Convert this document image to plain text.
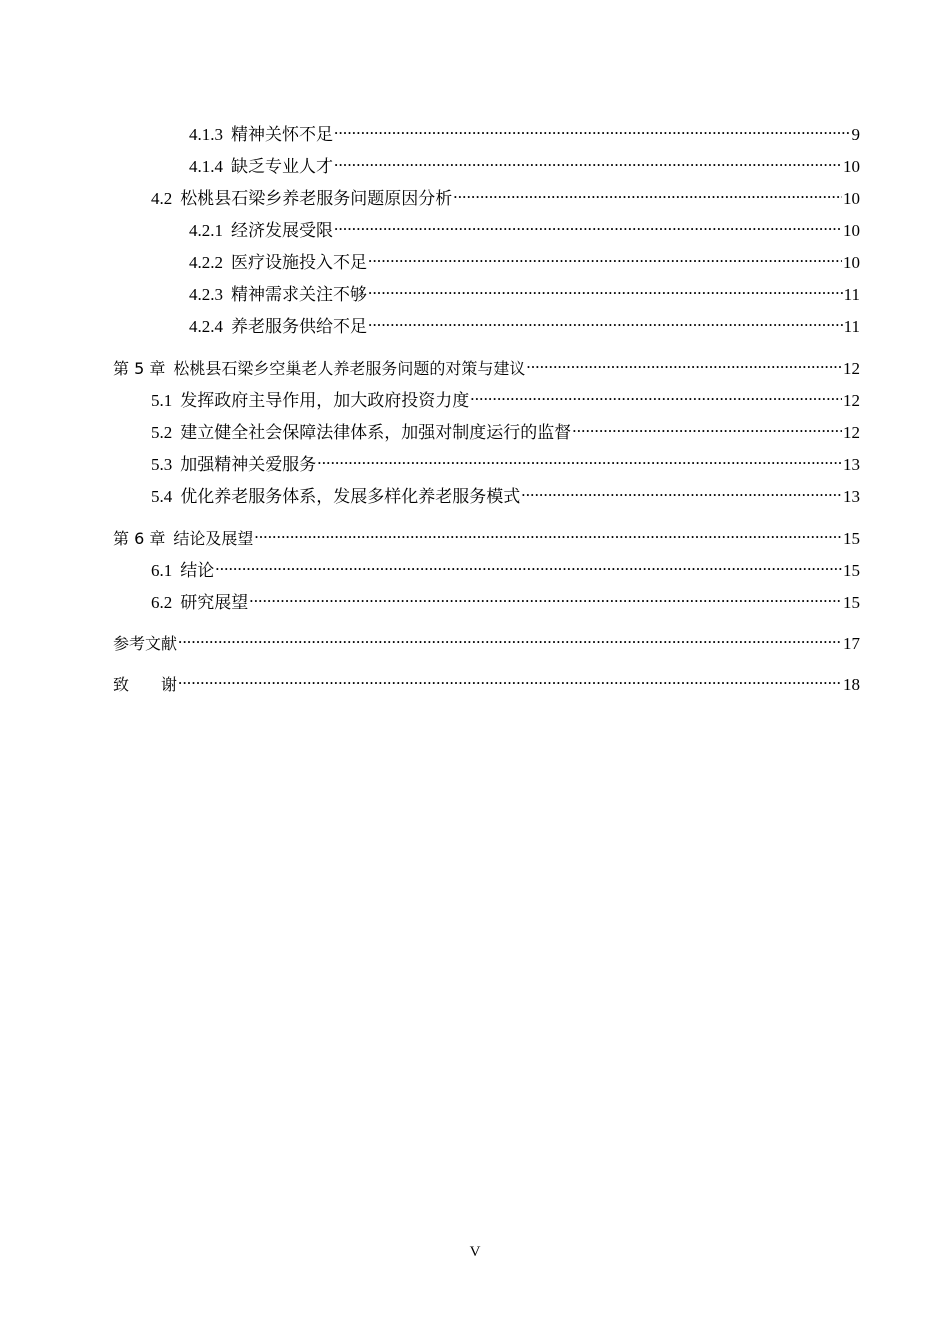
4.1.3 精神关怀不足 .....	9
4.1.4 缺乏专业人才 .....	10
4.2 松桃县石梁乡养老服务问题原因分析 .....	10
4.2.1 经济发展受限 .....	10
4.2.2 医疗设施投入不足 .....	10
4.2.3 精神需求关注不够 .....	11
4.2.4 养老服务供给不足 .....	11
第 5 章 松桃县石梁乡空巢老人养老服务问题的对策与建议 .....	12
5.1 发挥政府主导作用，加大政府投资力度 .....	12
5.2 建立健全社会保障法律体系，加强对制度运行的监督 .....	12
5.3 加强精神关爱服务 .....	13
5.4 优化养老服务体系，发展多样化养老服务模式 .....	13
第 6 章 结论及展望 .....	15
6.1 结论 .....	15
6.2 研究展望 .....	15
参考文献 .....	17
致　　谢 .....	18
V
